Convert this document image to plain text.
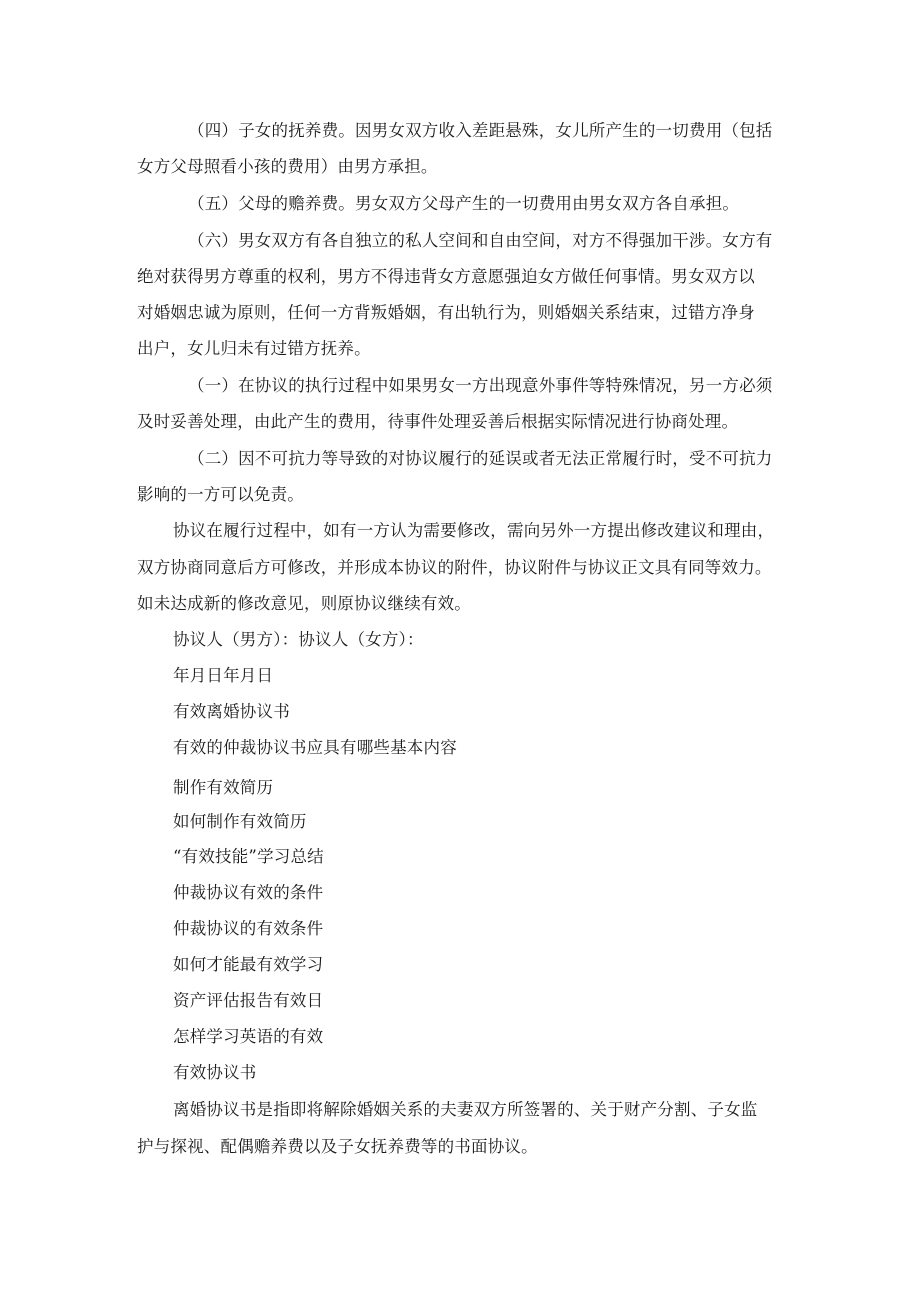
（四）子女的抚养费。因男女双方收入差距悬殊，女儿所产生的一切费用（包括
女方父母照看小孩的费用）由男方承担。
（五）父母的赡养费。男女双方父母产生的一切费用由男女双方各自承担。
（六）男女双方有各自独立的私人空间和自由空间，对方不得强加干涉。女方有
绝对获得男方尊重的权利，男方不得违背女方意愿强迫女方做任何事情。男女双方以
对婚姻忠诚为原则，任何一方背叛婚姻，有出轨行为，则婚姻关系结束，过错方净身
出户，女儿归未有过错方抚养。
（一）在协议的执行过程中如果男女一方出现意外事件等特殊情况，另一方必须
及时妥善处理，由此产生的费用，待事件处理妥善后根据实际情况进行协商处理。
（二）因不可抗力等导致的对协议履行的延误或者无法正常履行时，受不可抗力
影响的一方可以免责。
协议在履行过程中，如有一方认为需要修改，需向另外一方提出修改建议和理由，
双方协商同意后方可修改，并形成本协议的附件，协议附件与协议正文具有同等效力。
如未达成新的修改意见，则原协议继续有效。
协议人（男方）：协议人（女方）：
年月日年月日
有效离婚协议书
有效的仲裁协议书应具有哪些基本内容
制作有效简历
如何制作有效简历
“有效技能”学习总结
仲裁协议有效的条件
仲裁协议的有效条件
如何才能最有效学习
资产评估报告有效日
怎样学习英语的有效
有效协议书
离婚协议书是指即将解除婚姻关系的夫妻双方所签署的、关于财产分割、子女监
护与探视、配偶赡养费以及子女抚养费等的书面协议。
